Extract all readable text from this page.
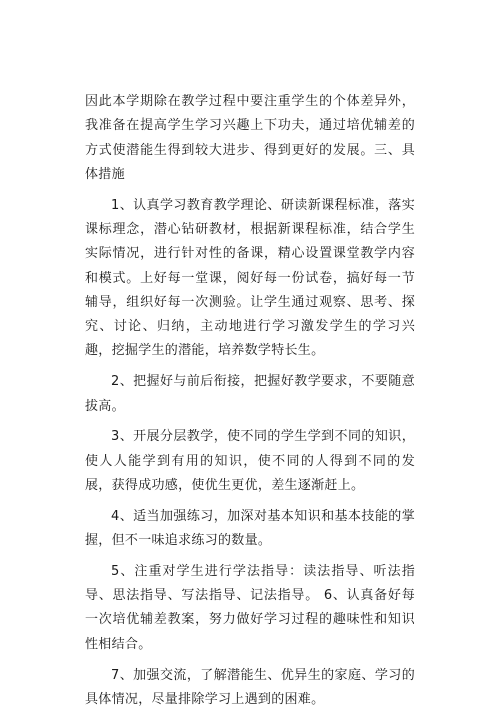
因此本学期除在教学过程中要注重学生的个体差异外，我准备在提高学生学习兴趣上下功夫，通过培优辅差的方式使潜能生得到较大进步、得到更好的发展。三、具体措施

1、认真学习教育教学理论、研读新课程标准，落实课标理念，潜心钻研教材，根据新课程标准，结合学生实际情况，进行针对性的备课，精心设置课堂教学内容和模式。上好每一堂课，阅好每一份试卷，搞好每一节辅导，组织好每一次测验。让学生通过观察、思考、探究、讨论、归纳，主动地进行学习激发学生的学习兴趣，挖掘学生的潜能，培养数学特长生。

2、把握好与前后衔接，把握好教学要求，不要随意拔高。

3、开展分层教学，使不同的学生学到不同的知识，使人人能学到有用的知识，使不同的人得到不同的发展，获得成功感，使优生更优，差生逐渐赶上。

4、适当加强练习，加深对基本知识和基本技能的掌握，但不一味追求练习的数量。

5、注重对学生进行学法指导：读法指导、听法指导、思法指导、写法指导、记法指导。 6、认真备好每一次培优辅差教案，努力做好学习过程的趣味性和知识性相结合。

7、加强交流，了解潜能生、优异生的家庭、学习的具体情况，尽量排除学习上遇到的困难。
